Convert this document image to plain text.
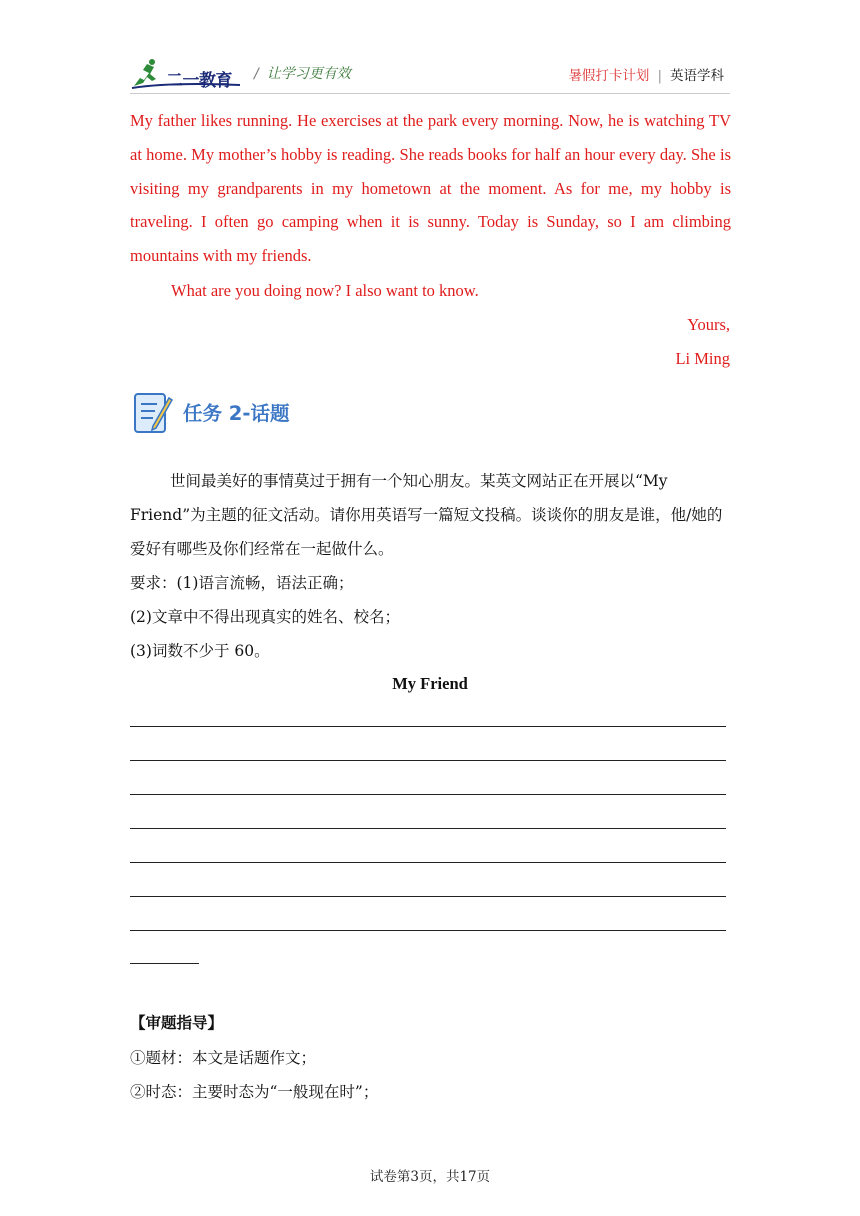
二一教育 / 让学习更有效	暑假打卡计划 | 英语学科
My father likes running. He exercises at the park every morning. Now, he is watching TV at home. My mother’s hobby is reading. She reads books for half an hour every day. She is visiting my grandparents in my hometown at the moment. As for me, my hobby is traveling. I often go camping when it is sunny. Today is Sunday, so I am climbing mountains with my friends.
What are you doing now? I also want to know.
Yours,
Li Ming
任务 2-话题
世间最美好的事情莫过于拥有一个知心朋友。某英文网站正在开展以“My Friend”为主题的征文活动。请你用英语写一篇短文投稿。谈谈你的朋友是谁，他/她的爱好有哪些及你们经常在一起做什么。
要求：(1)语言流畅，语法正确；
(2)文章中不得出现真实的姓名、校名；
(3)词数不少于 60。
My Friend
【审题指导】
①题材：本文是话题作文；
②时态：主要时态为“一般现在时”；
试卷第3页，共17页
